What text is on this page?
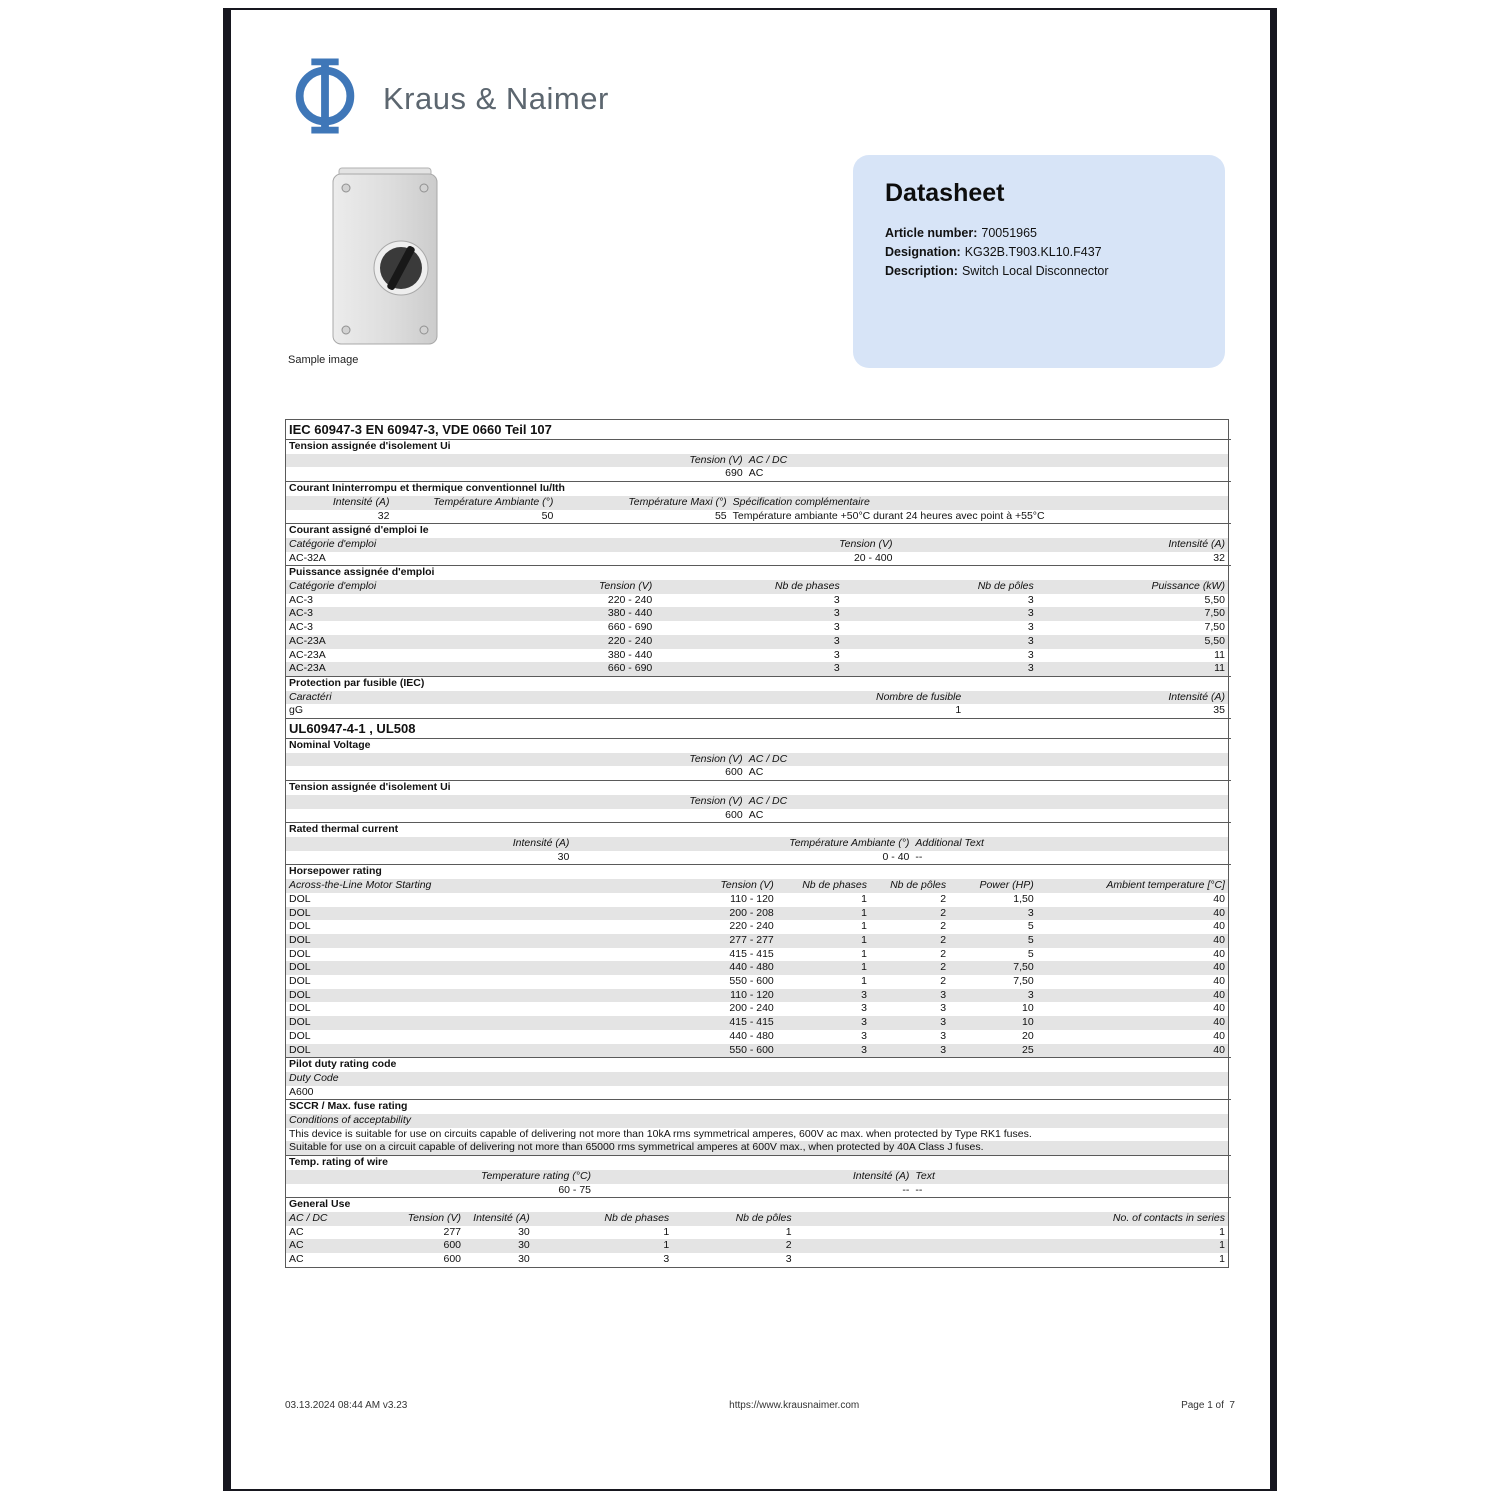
Kraus & Naimer
Sample image
Datasheet
Article number: 70051965
Designation: KG32B.T903.KL10.F437
Description: Switch Local Disconnector
IEC 60947-3 EN 60947-3, VDE 0660 Teil 107
Tension assignée d'isolement Ui
Tension (V) AC / DC
690 AC
Courant Ininterrompu et thermique conventionnel Iu/Ith
Intensité (A)	Température Ambiante (°)	Température Maxi (°) Spécification complémentaire
32	50	55 Température ambiante +50°C durant 24 heures avec point à +55°C
Courant assigné d'emploi Ie
Catégorie d'emploi	Tension (V)	Intensité (A)
AC-32A	20 - 400	32
Puissance assignée d'emploi
Catégorie d'emploi	Tension (V)	Nb de phases	Nb de pôles	Puissance (kW)
AC-3	220 - 240	3	3	5,50
AC-3	380 - 440	3	3	7,50
AC-3	660 - 690	3	3	7,50
AC-23A	220 - 240	3	3	5,50
AC-23A	380 - 440	3	3	11
AC-23A	660 - 690	3	3	11
Protection par fusible (IEC)
Caractéri	Nombre de fusible	Intensité (A)
gG	1	35
UL60947-4-1 , UL508
Nominal Voltage
Tension (V) AC / DC
600 AC
Tension assignée d'isolement Ui
Tension (V) AC / DC
600 AC
Rated thermal current
Intensité (A)	Température Ambiante (°) Additional Text
30	0 - 40 --
Horsepower rating
Across-the-Line Motor Starting	Tension (V)	Nb de phases	Nb de pôles	Power (HP)	Ambient temperature [°C]
DOL	110 - 120	1	2	1,50	40
DOL	200 - 208	1	2	3	40
DOL	220 - 240	1	2	5	40
DOL	277 - 277	1	2	5	40
DOL	415 - 415	1	2	5	40
DOL	440 - 480	1	2	7,50	40
DOL	550 - 600	1	2	7,50	40
DOL	110 - 120	3	3	3	40
DOL	200 - 240	3	3	10	40
DOL	415 - 415	3	3	10	40
DOL	440 - 480	3	3	20	40
DOL	550 - 600	3	3	25	40
Pilot duty rating code
Duty Code
A600
SCCR / Max. fuse rating
Conditions of acceptability
This device is suitable for use on circuits capable of delivering not more than 10kA rms symmetrical amperes, 600V ac max. when protected by Type RK1 fuses.
Suitable for use on a circuit capable of delivering not more than 65000 rms symmetrical amperes at 600V max., when protected by 40A Class J fuses.
Temp. rating of wire
Temperature rating (°C)	Intensité (A) Text
60 - 75	-- --
General Use
AC / DC	Tension (V)	Intensité (A)	Nb de phases	Nb de pôles	No. of contacts in series
AC	277	30	1	1	1
AC	600	30	1	2	1
AC	600	30	3	3	1
03.13.2024 08:44 AM v3.23	https://www.krausnaimer.com	Page 1 of  7
